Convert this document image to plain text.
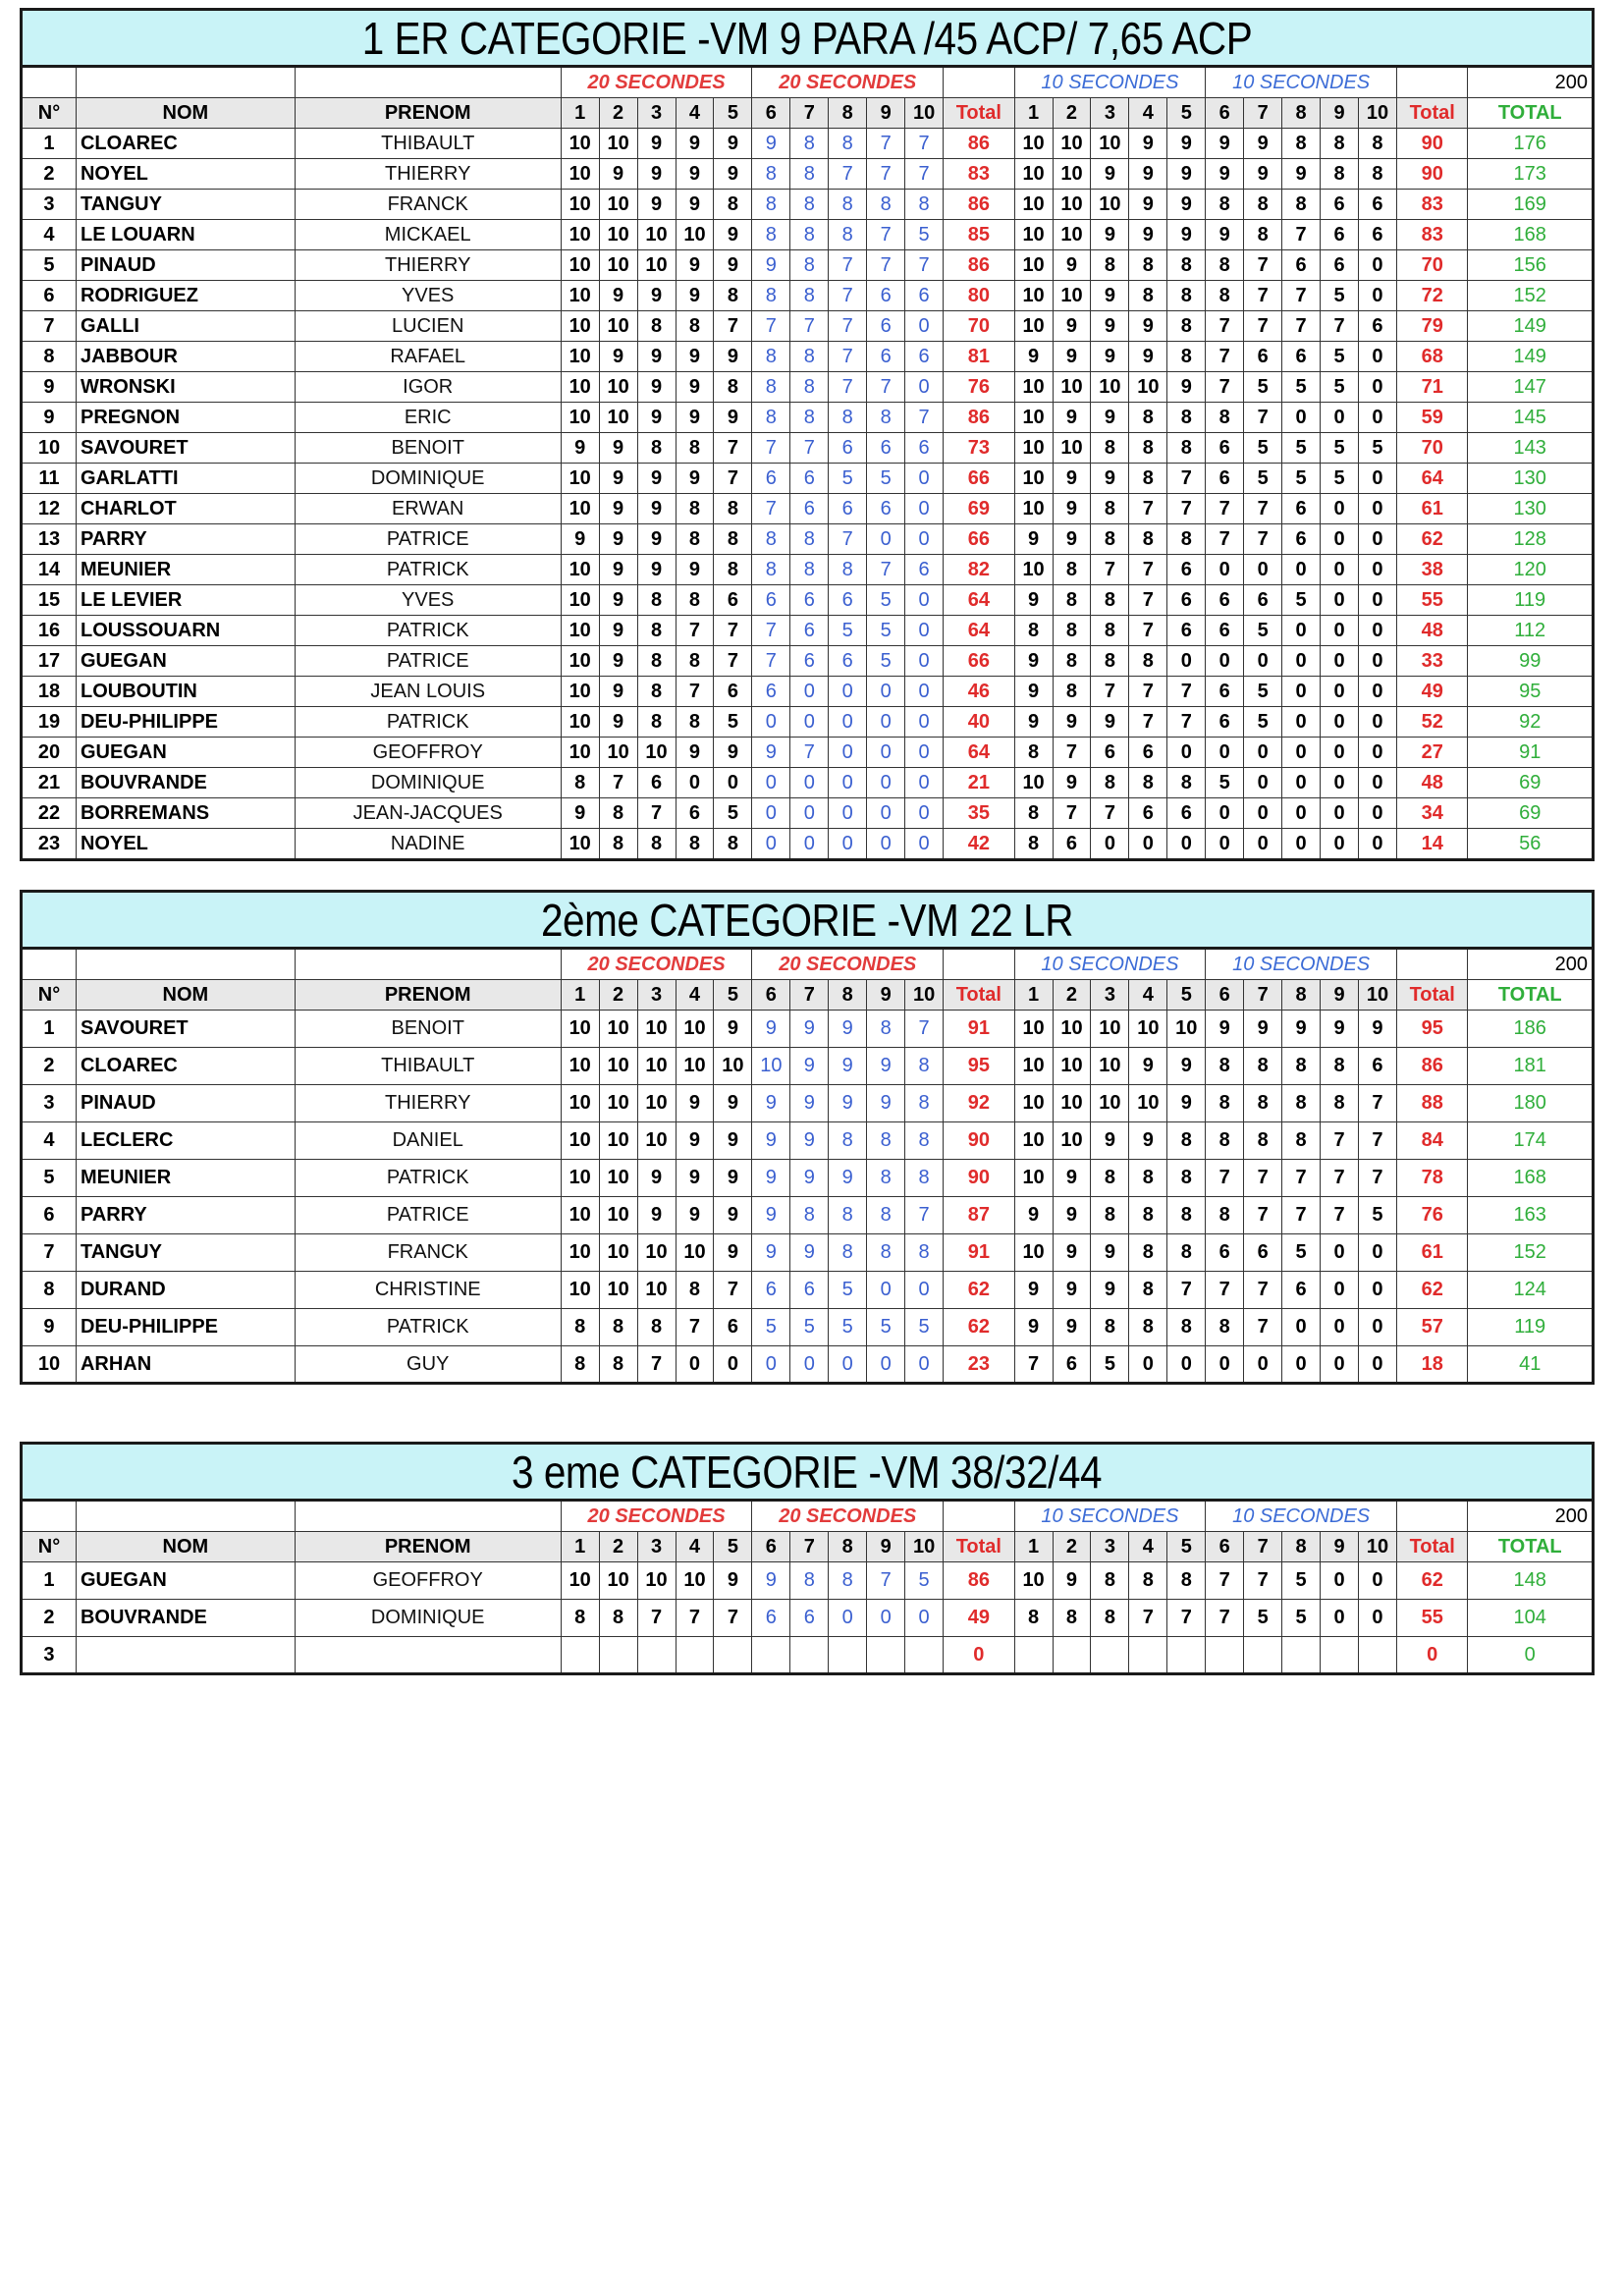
1 ER CATEGORIE -VM 9 PARA /45 ACP/ 7,65 ACP
			20 SECONDES					20 SECONDES						10 SECONDES					10 SECONDES						200
N°	NOM	PRENOM	1	2	3	4	5	6	7	8	9	10	Total	1	2	3	4	5	6	7	8	9	10	Total	TOTAL
1	CLOAREC	THIBAULT	10	10	9	9	9	9	8	8	7	7	86	10	10	10	9	9	9	9	8	8	8	90	176
2	NOYEL	THIERRY	10	9	9	9	9	8	8	7	7	7	83	10	10	9	9	9	9	9	9	8	8	90	173
3	TANGUY	FRANCK	10	10	9	9	8	8	8	8	8	8	86	10	10	10	9	9	8	8	8	6	6	83	169
4	LE LOUARN	MICKAEL	10	10	10	10	9	8	8	8	7	5	85	10	10	9	9	9	9	8	7	6	6	83	168
5	PINAUD	THIERRY	10	10	10	9	9	9	8	7	7	7	86	10	9	8	8	8	8	7	6	6	0	70	156
6	RODRIGUEZ	YVES	10	9	9	9	8	8	8	7	6	6	80	10	10	9	8	8	8	7	7	5	0	72	152
7	GALLI	LUCIEN	10	10	8	8	7	7	7	7	6	0	70	10	9	9	9	8	7	7	7	7	6	79	149
8	JABBOUR	RAFAEL	10	9	9	9	9	8	8	7	6	6	81	9	9	9	9	8	7	6	6	5	0	68	149
9	WRONSKI	IGOR	10	10	9	9	8	8	8	7	7	0	76	10	10	10	10	9	7	5	5	5	0	71	147
9	PREGNON	ERIC	10	10	9	9	9	8	8	8	8	7	86	10	9	9	8	8	8	7	0	0	0	59	145
10	SAVOURET	BENOIT	9	9	8	8	7	7	7	6	6	6	73	10	10	8	8	8	6	5	5	5	5	70	143
11	GARLATTI	DOMINIQUE	10	9	9	9	7	6	6	5	5	0	66	10	9	9	8	7	6	5	5	5	0	64	130
12	CHARLOT	ERWAN	10	9	9	8	8	7	6	6	6	0	69	10	9	8	7	7	7	7	6	0	0	61	130
13	PARRY	PATRICE	9	9	9	8	8	8	8	7	0	0	66	9	9	8	8	8	7	7	6	0	0	62	128
14	MEUNIER	PATRICK	10	9	9	9	8	8	8	8	7	6	82	10	8	7	7	6	0	0	0	0	0	38	120
15	LE LEVIER	YVES	10	9	8	8	6	6	6	6	5	0	64	9	8	8	7	6	6	6	5	0	0	55	119
16	LOUSSOUARN	PATRICK	10	9	8	7	7	7	6	5	5	0	64	8	8	8	7	6	6	5	0	0	0	48	112
17	GUEGAN	PATRICE	10	9	8	8	7	7	6	6	5	0	66	9	8	8	8	0	0	0	0	0	0	33	99
18	LOUBOUTIN	JEAN LOUIS	10	9	8	7	6	6	0	0	0	0	46	9	8	7	7	7	6	5	0	0	0	49	95
19	DEU-PHILIPPE	PATRICK	10	9	8	8	5	0	0	0	0	0	40	9	9	9	7	7	6	5	0	0	0	52	92
20	GUEGAN	GEOFFROY	10	10	10	9	9	9	7	0	0	0	64	8	7	6	6	0	0	0	0	0	0	27	91
21	BOUVRANDE	DOMINIQUE	8	7	6	0	0	0	0	0	0	0	21	10	9	8	8	8	5	0	0	0	0	48	69
22	BORREMANS	JEAN-JACQUES	9	8	7	6	5	0	0	0	0	0	35	8	7	7	6	6	0	0	0	0	0	34	69
23	NOYEL	NADINE	10	8	8	8	8	0	0	0	0	0	42	8	6	0	0	0	0	0	0	0	0	14	56
2ème CATEGORIE -VM 22 LR
			20 SECONDES					20 SECONDES						10 SECONDES					10 SECONDES						200
N°	NOM	PRENOM	1	2	3	4	5	6	7	8	9	10	Total	1	2	3	4	5	6	7	8	9	10	Total	TOTAL
1	SAVOURET	BENOIT	10	10	10	10	9	9	9	9	8	7	91	10	10	10	10	10	9	9	9	9	9	95	186
2	CLOAREC	THIBAULT	10	10	10	10	10	10	9	9	9	8	95	10	10	10	9	9	8	8	8	8	6	86	181
3	PINAUD	THIERRY	10	10	10	9	9	9	9	9	9	8	92	10	10	10	10	9	8	8	8	8	7	88	180
4	LECLERC	DANIEL	10	10	10	9	9	9	9	8	8	8	90	10	10	9	9	8	8	8	8	7	7	84	174
5	MEUNIER	PATRICK	10	10	9	9	9	9	9	9	8	8	90	10	9	8	8	8	7	7	7	7	7	78	168
6	PARRY	PATRICE	10	10	9	9	9	9	8	8	8	7	87	9	9	8	8	8	8	7	7	7	5	76	163
7	TANGUY	FRANCK	10	10	10	10	9	9	9	8	8	8	91	10	9	9	8	8	6	6	5	0	0	61	152
8	DURAND	CHRISTINE	10	10	10	8	7	6	6	5	0	0	62	9	9	9	8	7	7	7	6	0	0	62	124
9	DEU-PHILIPPE	PATRICK	8	8	8	7	6	5	5	5	5	5	62	9	9	8	8	8	8	7	0	0	0	57	119
10	ARHAN	GUY	8	8	7	0	0	0	0	0	0	0	23	7	6	5	0	0	0	0	0	0	0	18	41
3 eme CATEGORIE -VM 38/32/44
			20 SECONDES					20 SECONDES						10 SECONDES					10 SECONDES						200
N°	NOM	PRENOM	1	2	3	4	5	6	7	8	9	10	Total	1	2	3	4	5	6	7	8	9	10	Total	TOTAL
1	GUEGAN	GEOFFROY	10	10	10	10	9	9	8	8	7	5	86	10	9	8	8	8	7	7	5	0	0	62	148
2	BOUVRANDE	DOMINIQUE	8	8	7	7	7	6	6	0	0	0	49	8	8	8	7	7	7	5	5	0	0	55	104
3													0											0	0
